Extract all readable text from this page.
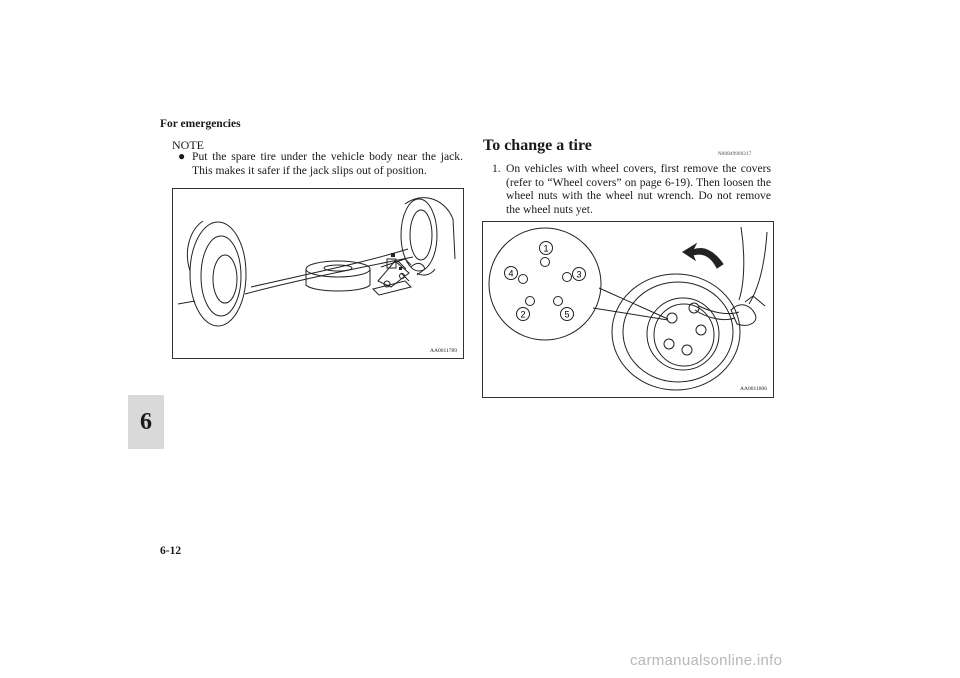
For emergencies
6
NOTE
● Put the spare tire under the vehicle body near the jack. This makes it safer if the jack slips out of position.
AA0011789
To change a tire
N00849900317
1. On vehicles with wheel covers, first remove the covers (refer to “Wheel covers” on page 6-19). Then loosen the wheel nuts with the wheel nut wrench. Do not remove the wheel nuts yet.
1
2
3
4
5
AA0011806
6-12
carmanualsonline.info
